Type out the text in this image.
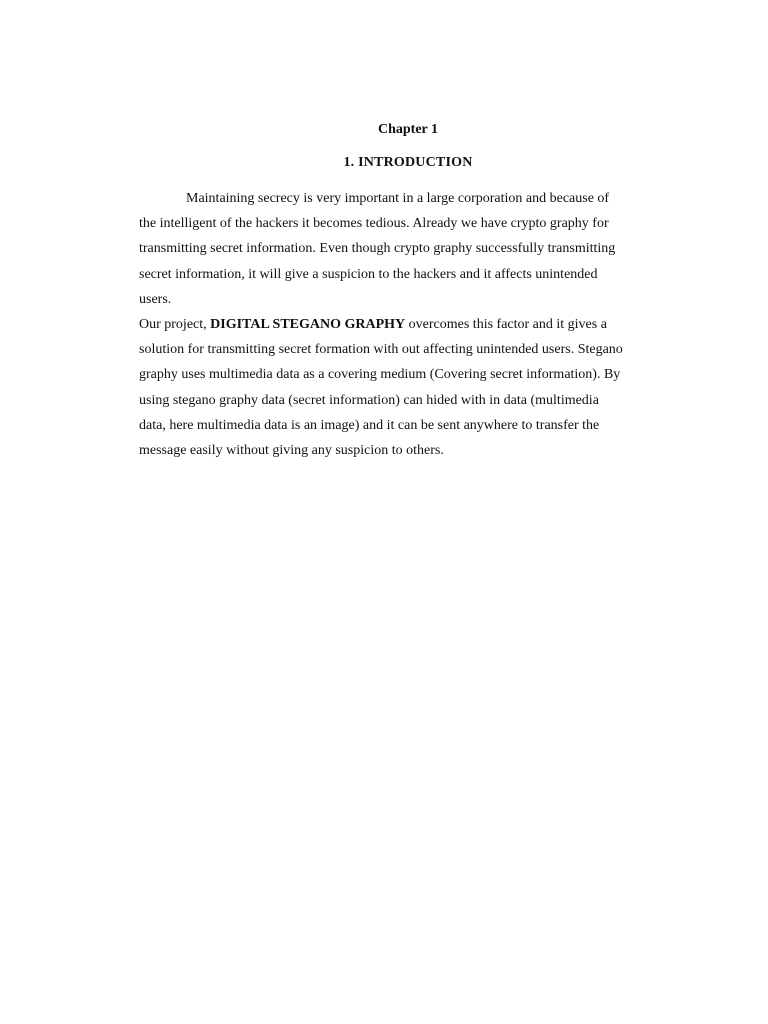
Chapter 1
1. INTRODUCTION
Maintaining secrecy is very important in a large corporation and because of
the intelligent of the hackers it becomes tedious. Already we have crypto graphy for
transmitting secret information. Even though crypto graphy successfully transmitting
secret information, it will give a suspicion to the hackers and it affects unintended
users.
Our project, DIGITAL STEGANO GRAPHY overcomes this factor and it gives a
solution for transmitting secret formation with out affecting unintended users. Stegano
graphy uses multimedia data as a covering medium (Covering secret information). By
using stegano graphy data (secret information) can hided with in data (multimedia
data, here multimedia data is an image) and it can be sent anywhere to transfer the
message easily without giving any suspicion to others.
